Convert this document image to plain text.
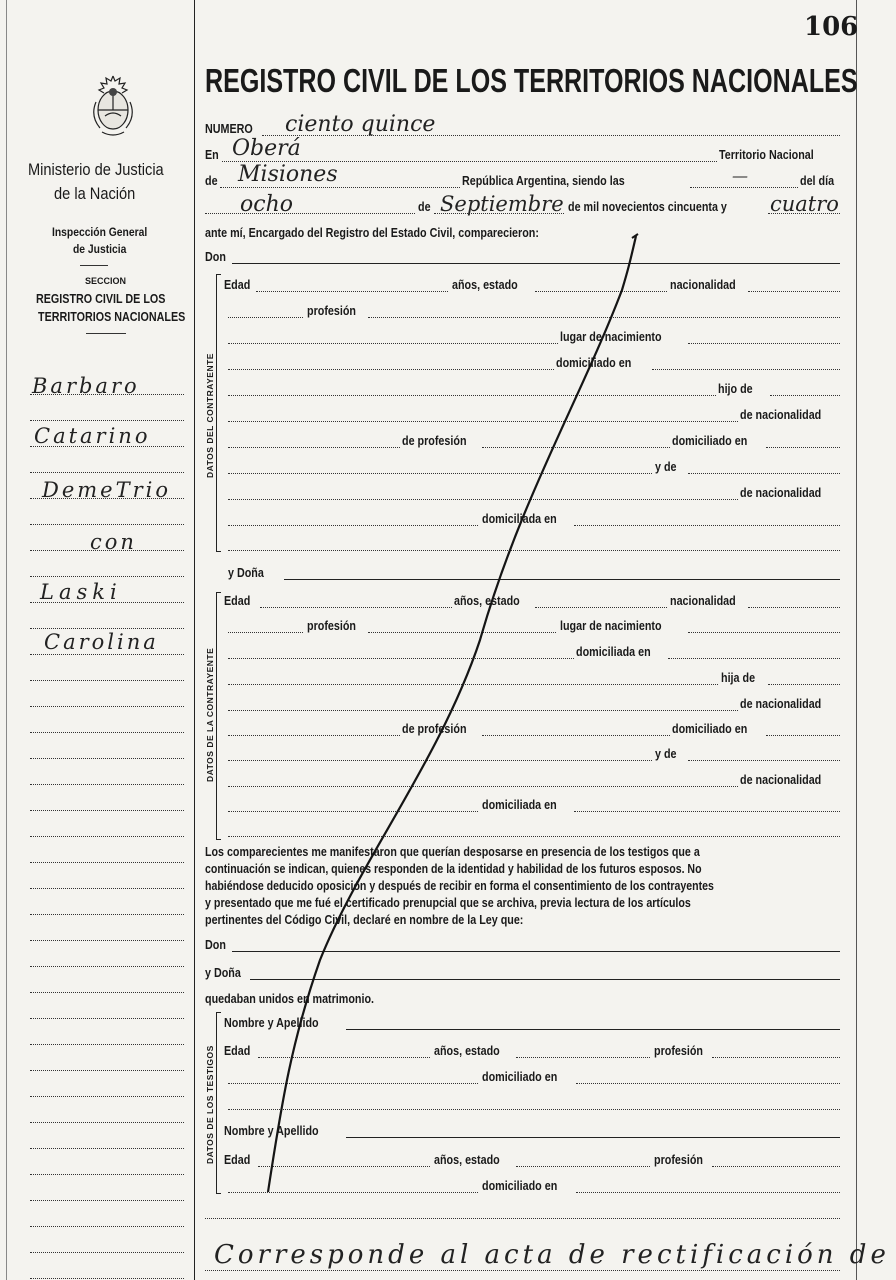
106
REGISTRO CIVIL DE LOS TERRITORIOS NACIONALES
Ministerio de Justicia
de la Nación
Inspección General
de Justicia
SECCION
REGISTRO CIVIL DE LOS
TERRITORIOS NACIONALES
Barbaro
Catarino
DemeTrio
con
Laski
Carolina
NUMERO ciento quince
En Oberá	Territorio Nacional
de Misiones	República Argentina, siendo las	—	del día
ocho	de Septiembre de mil novecientos cincuenta y cuatro
ante mí, Encargado del Registro del Estado Civil, comparecieron:
Don
DATOS DEL CONTRAYENTE
Edad	años, estado	nacionalidad
profesión
lugar de nacimiento
domiciliado en
hijo de
de nacionalidad
de profesión	domiciliado en
y de
de nacionalidad
domiciliada en
y Doña
DATOS DE LA CONTRAYENTE
Edad	años, estado	nacionalidad
profesión	lugar de nacimiento
domiciliada en
hija de
de nacionalidad
de profesión	domiciliado en
y de
de nacionalidad
domiciliada en
Los comparecientes me manifestaron que querían desposarse en presencia de los testigos que a
continuación se indican, quienes responden de la identidad y habilidad de los futuros esposos. No
habiéndose deducido oposición y después de recibir en forma el consentimiento de los contrayentes
y presentado que me fué el certificado prenupcial que se archiva, previa lectura de los artículos
pertinentes del Código Civil, declaré en nombre de la Ley que:
Don
y Doña
quedaban unidos en matrimonio.
DATOS DE LOS TESTIGOS
Nombre y Apellido
Edad	años, estado	profesión
domiciliado en
Nombre y Apellido
Edad	años, estado	profesión
domiciliado en
Corresponde al acta de rectificación de
